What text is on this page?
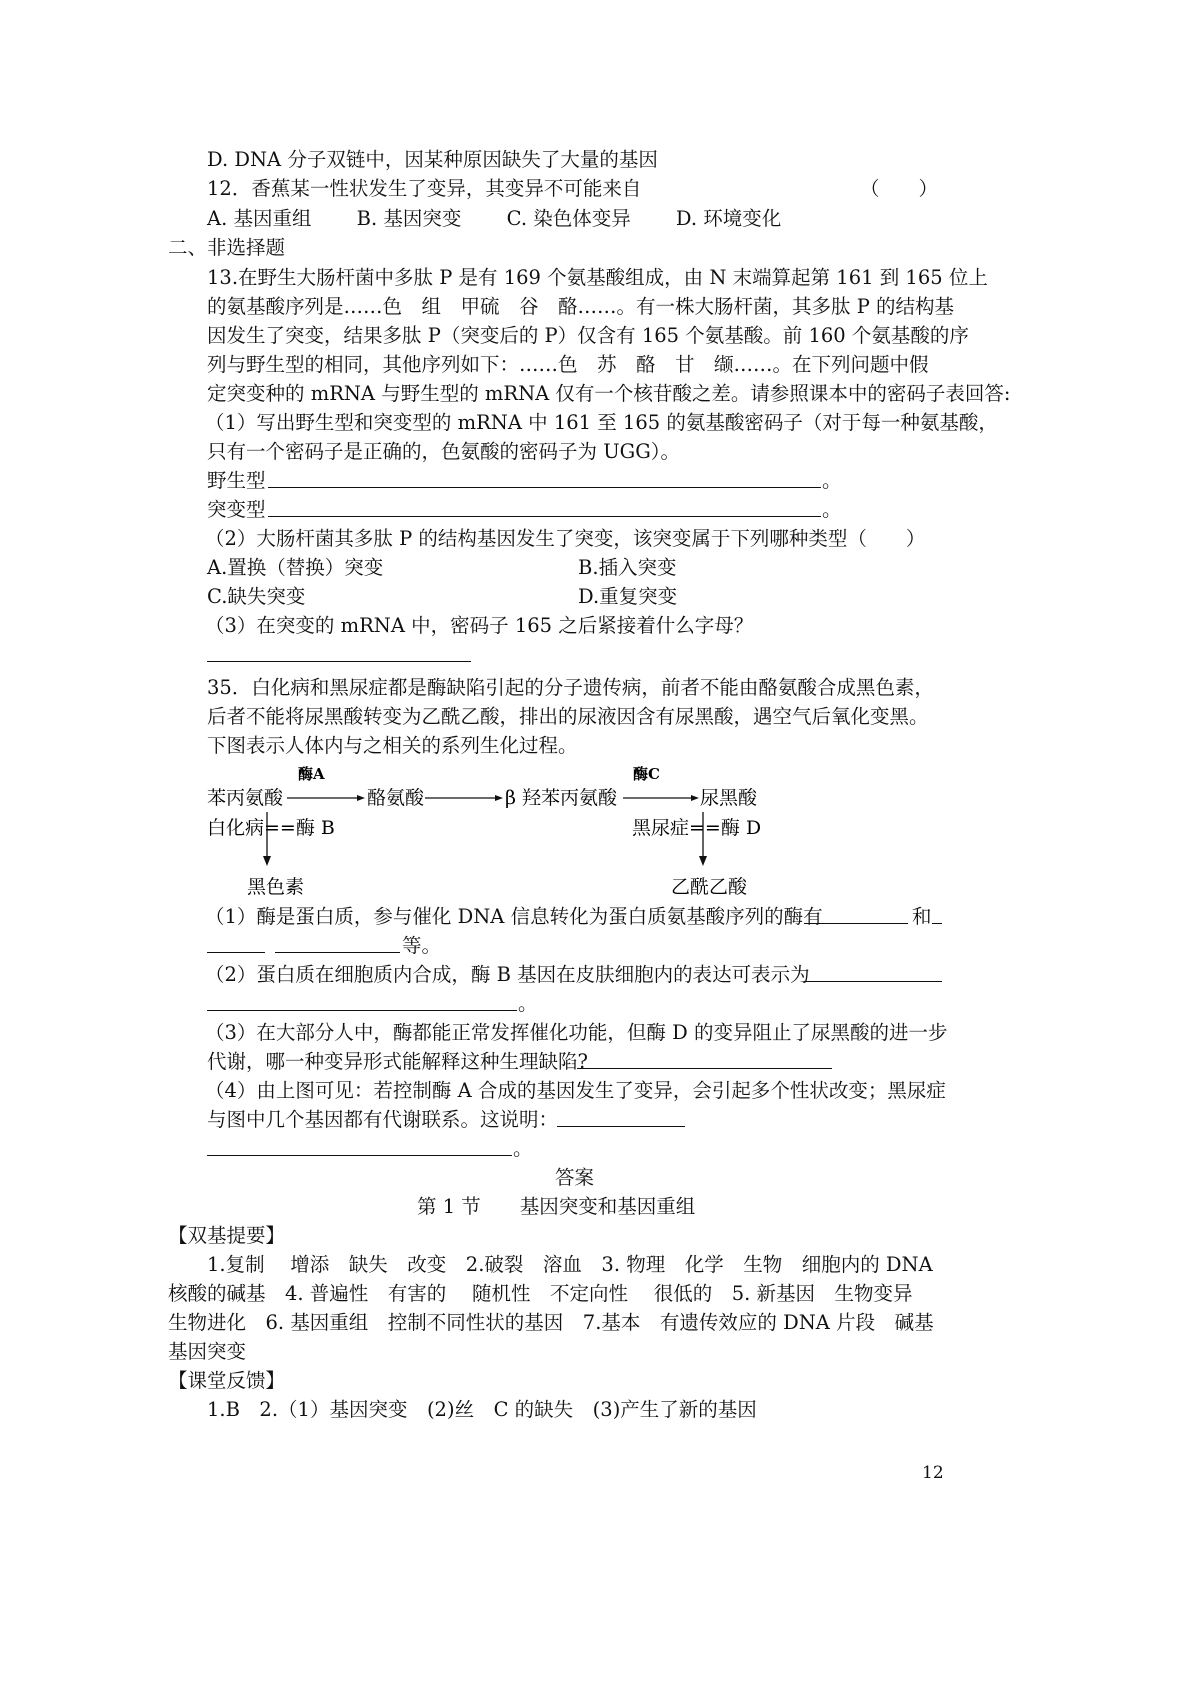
D. DNA 分子双链中，因某种原因缺失了大量的基因
12．香蕉某一性状发生了变异，其变异不可能来自	（　　）
A. 基因重组　　 B. 基因突变　　 C. 染色体变异　　 D. 环境变化
二、非选择题
13.在野生大肠杆菌中多肽 P 是有 169 个氨基酸组成，由 N 末端算起第 161 到 165 位上
的氨基酸序列是……色　组　甲硫　谷　酪……。有一株大肠杆菌，其多肽 P 的结构基
因发生了突变，结果多肽 P（突变后的 P）仅含有 165 个氨基酸。前 160 个氨基酸的序
列与野生型的相同，其他序列如下：……色　苏　酪　甘　缬……。在下列问题中假
定突变种的 mRNA 与野生型的 mRNA 仅有一个核苷酸之差。请参照课本中的密码子表回答:
（1）写出野生型和突变型的 mRNA 中 161 至 165 的氨基酸密码子（对于每一种氨基酸，
只有一个密码子是正确的，色氨酸的密码子为 UGG）。
野生型	。
突变型	。
（2）大肠杆菌其多肽 P 的结构基因发生了突变，该突变属于下列哪种类型（　　）
A.置换（替换）突变	B.插入突变
C.缺失突变	D.重复突变
（3）在突变的 mRNA 中，密码子 165 之后紧接着什么字母？
35．白化病和黑尿症都是酶缺陷引起的分子遗传病，前者不能由酪氨酸合成黑色素，
后者不能将尿黑酸转变为乙酰乙酸，排出的尿液因含有尿黑酸，遇空气后氧化变黑。
下图表示人体内与之相关的系列生化过程。
酶A	酶C
苯丙氨酸	酪氨酸	β 羟苯丙氨酸	尿黑酸
白化病==酶 B	黑尿症==酶 D
黑色素	乙酰乙酸
（1）酶是蛋白质，参与催化 DNA 信息转化为蛋白质氨基酸序列的酶有	和
等。
（2）蛋白质在细胞质内合成，酶 B 基因在皮肤细胞内的表达可表示为
。
（3）在大部分人中，酶都能正常发挥催化功能，但酶 D 的变异阻止了尿黑酸的进一步
代谢，哪一种变异形式能解释这种生理缺陷?
（4）由上图可见：若控制酶 A 合成的基因发生了变异，会引起多个性状改变；黑尿症
与图中几个基因都有代谢联系。这说明：
。
答案
第 1 节　　基因突变和基因重组
【双基提要】
1.复制　 增添　缺失　改变　2.破裂　溶血　3. 物理　化学　生物　细胞内的 DNA
核酸的碱基　4. 普遍性　有害的　 随机性　不定向性　 很低的　5. 新基因　生物变异
生物进化　6. 基因重组　控制不同性状的基因　7.基本　有遗传效应的 DNA 片段　碱基
基因突变
【课堂反馈】
1.B　2.（1）基因突变　(2)丝　C 的缺失　(3)产生了新的基因
12
